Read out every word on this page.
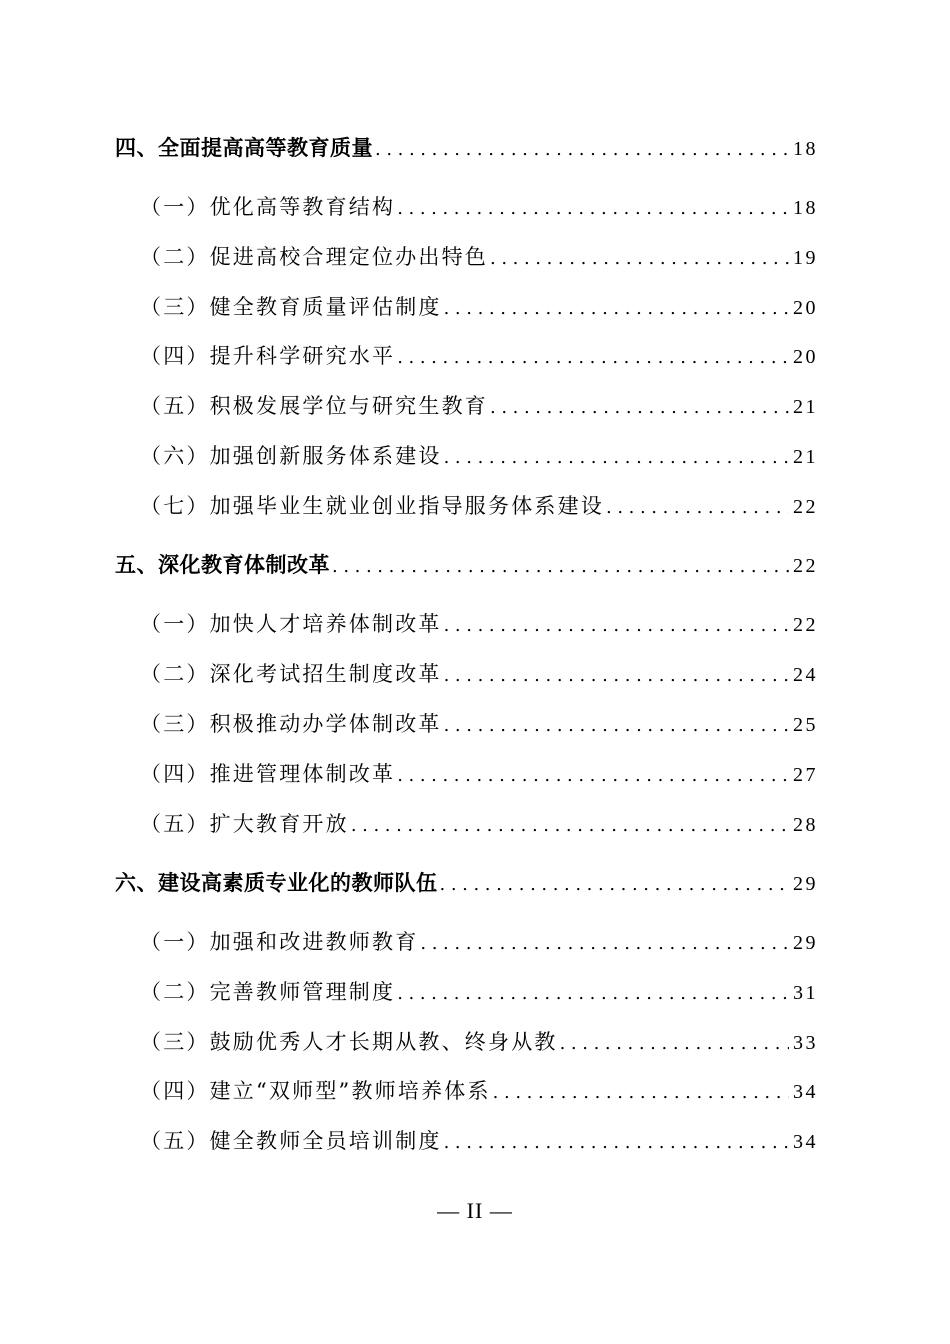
四、全面提高高等教育质量 .....	18
（一）优化高等教育结构 .....	18
（二）促进高校合理定位办出特色 .....	19
（三）健全教育质量评估制度 .....	20
（四）提升科学研究水平 .....	20
（五）积极发展学位与研究生教育 .....	21
（六）加强创新服务体系建设 .....	21
（七）加强毕业生就业创业指导服务体系建设 .....	22
五、深化教育体制改革 .....	22
（一）加快人才培养体制改革 .....	22
（二）深化考试招生制度改革 .....	24
（三）积极推动办学体制改革 .....	25
（四）推进管理体制改革 .....	27
（五）扩大教育开放 .....	28
六、建设高素质专业化的教师队伍 .....	29
（一）加强和改进教师教育 .....	29
（二）完善教师管理制度 .....	31
（三）鼓励优秀人才长期从教、终身从教 .....	33
（四）建立“双师型”教师培养体系 .....	34
（五）健全教师全员培训制度 .....	34
— II —
